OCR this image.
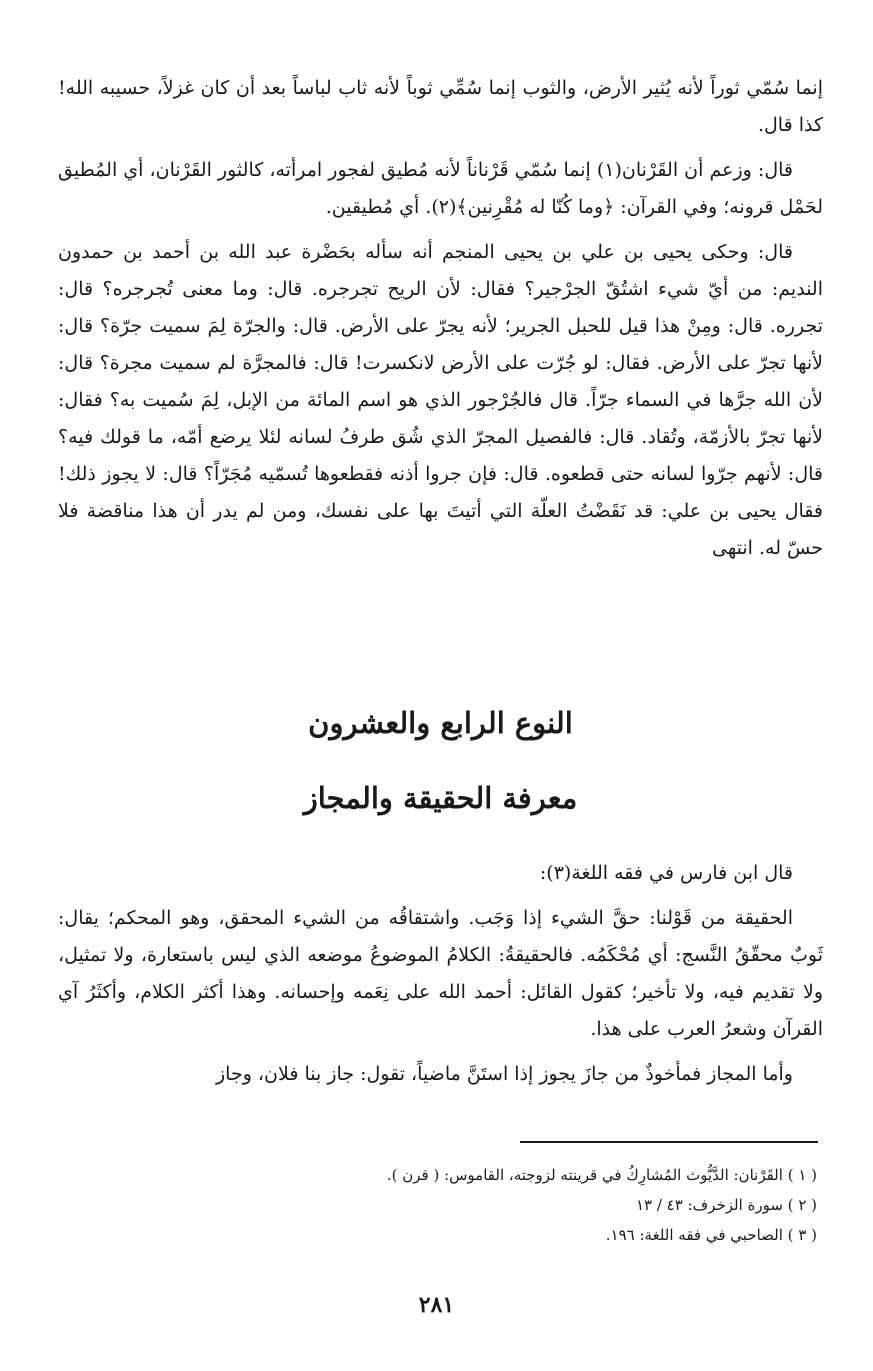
إنما سُمّي ثوراً لأنه يُثير الأرض، والثوب إنما سُمِّي ثوباً لأنه ثاب لباساً بعد أن كان غزلاً، حسيبه الله! كذا قال.

قال: وزعم أن القَرْنان(١) إنما سُمّي قَرْناناً لأنه مُطيق لفجور امرأته، كالثور القَرْنان، أي المُطيق لحَمْل قرونه؛ وفي القرآن: ﴿وما كُنّا له مُقْرِنين﴾(٢). أي مُطيقين.

قال: وحكى يحيى بن علي بن يحيى المنجم أنه سأله بحَضْرة عبد الله بن أحمد بن حمدون النديم: من أيّ شيء اشتُقّ الجرْجير؟ فقال: لأن الريح تجرجره. قال: وما معنى تُجرجره؟ قال: تجرره. قال: ومِنْ هذا قيل للحبل الجرير؛ لأنه يجرّ على الأرض. قال: والجرّة لِمَ سميت جرّة؟ قال: لأنها تجرّ على الأرض. فقال: لو جُرّت على الأرض لانكسرت! قال: فالمجرَّة لم سميت مجرة؟ قال: لأن الله جرَّها في السماء جرّاً. قال فالجُرْجور الذي هو اسم المائة من الإبل، لِمَ سُميت به؟ فقال: لأنها تجرّ بالأزمّة، وتُقاد. قال: فالفصيل المجرّ الذي شُق طرفُ لسانه لئلا يرضع أمّه، ما قولك فيه؟ قال: لأنهم جرّوا لسانه حتى قطعوه. قال: فإن جروا أذنه فقطعوها تُسمّيه مُجَرّاً؟ قال: لا يجوز ذلك! فقال يحيى بن علي: قد نَقَضْتُ العلّة التي أتيتَ بها على نفسك، ومن لم يدر أن هذا مناقضة فلا حسّ له. انتهى

النوع الرابع والعشرون
معرفة الحقيقة والمجاز

قال ابن فارس في فقه اللغة(٣):

الحقيقة من قَوْلنا: حقَّ الشيء إذا وَجَب. واشتقاقُه من الشيء المحقق، وهو المحكم؛ يقال: ثَوبٌ محقّقُ النَّسج: أي مُحْكَمُه. فالحقيقةُ: الكلامُ الموضوعُ موضعه الذي ليس باستعارة، ولا تمثيل، ولا تقديم فيه، ولا تأخير؛ كقول القائل: أحمد الله على نِعَمه وإحسانه. وهذا أكثر الكلام، وأكثَرُ آي القرآن وشعرُ العرب على هذا.

وأما المجاز فمأخوذٌ من جازَ يجوز إذا استَنَّ ماضياً، تقول: جاز بنا فلان، وجاز

( ١ ) القَرْنان: الدَّيُّوث المُشارِكُ في قرينته لزوجته، القاموس: ( قرن ).

( ٢ ) سورة الزخرف: ٤٣ / ١٣

( ٣ ) الصاحبي في فقه اللغة: ١٩٦.

٢٨١
